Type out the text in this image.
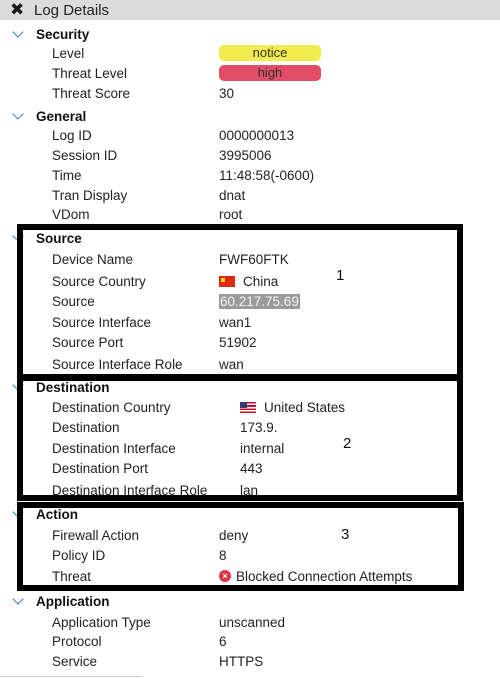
✖ Log Details
Security
Level	notice
Threat Level	high
Threat Score	30
General
Log ID	0000000013
Session ID	3995006
Time	11:48:58(-0600)
Tran Display	dnat
VDom	root
Source
Device Name	FWF60FTK
Source Country	China
Source	60.217.75.69
Source Interface	wan1
Source Port	51902
Source Interface Role	wan
Destination
Destination Country	United States
Destination	173.9.
Destination Interface	internal
Destination Port	443
Destination Interface Role lan
Action
Firewall Action	deny
Policy ID	8
Threat	× Blocked Connection Attempts
Application
Application Type	unscanned
Protocol	6
Service	HTTPS
1
2
3
